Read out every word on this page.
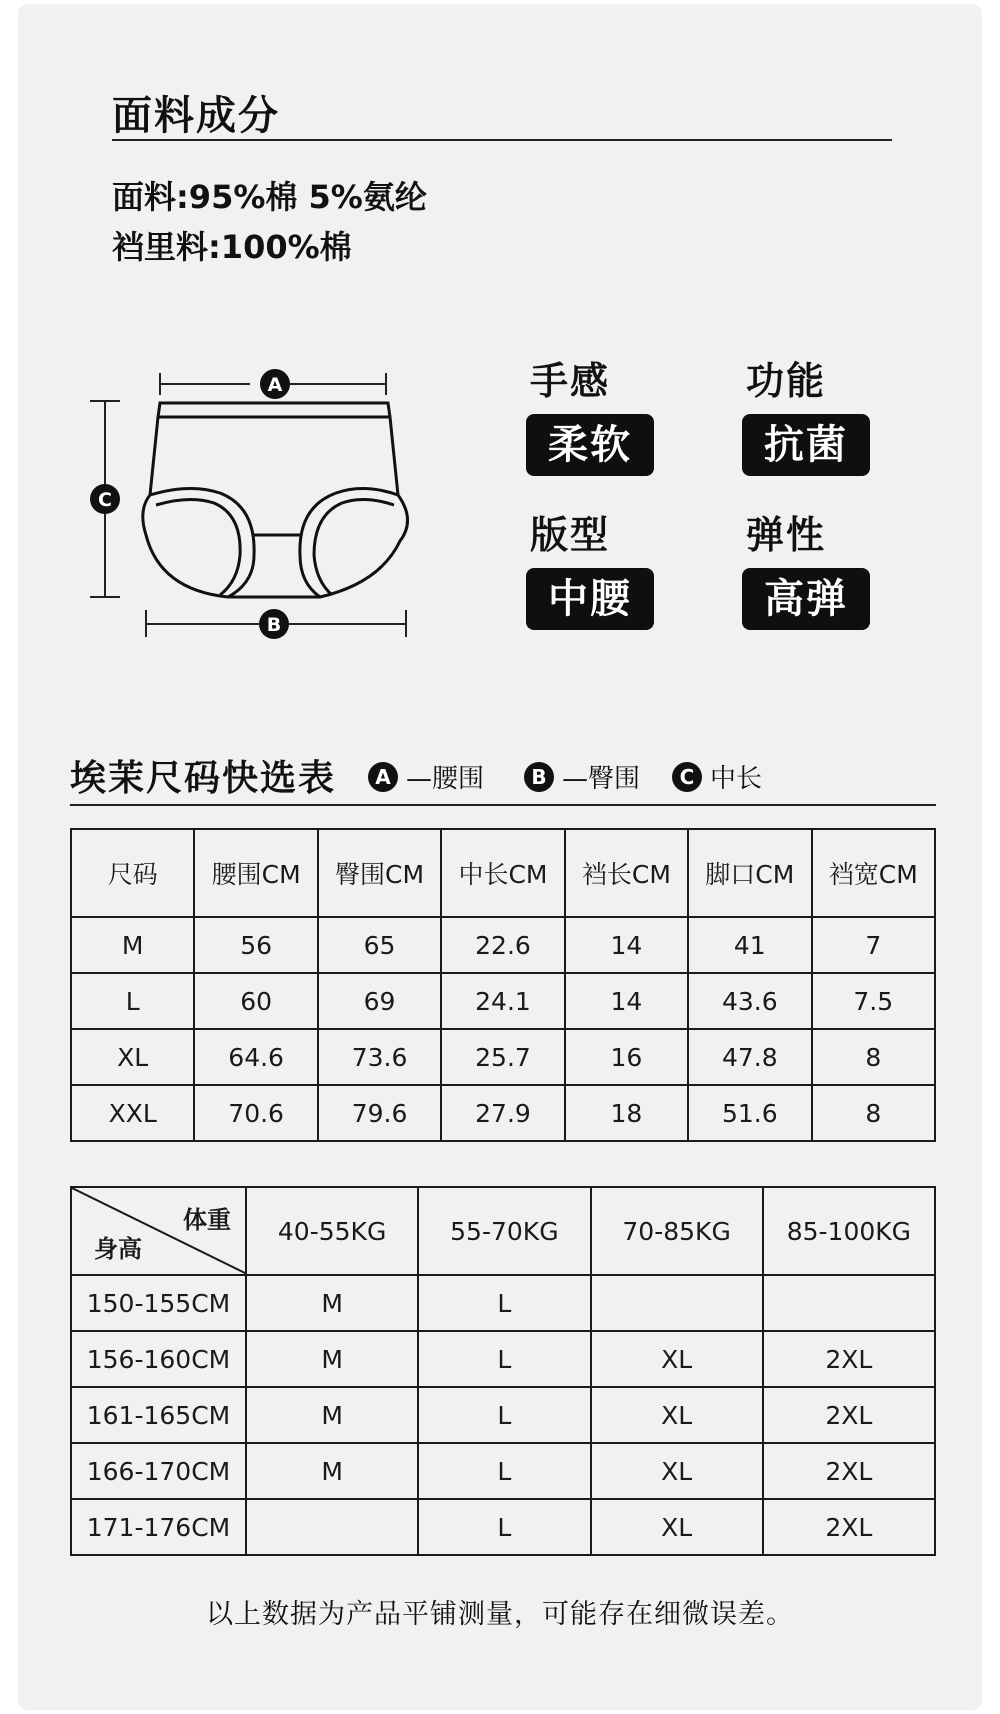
面料成分
面料:95%棉 5%氨纶
裆里料:100%棉
A
C
B
手感
柔软
功能
抗菌
版型
中腰
弹性
高弹
埃茉尺码快选表	A —腰围	B —臀围	C 中长
尺码	腰围CM	臀围CM	中长CM	裆长CM	脚口CM	裆宽CM
M	56	65	22.6	14	41	7
L	60	69	24.1	14	43.6	7.5
XL	64.6	73.6	25.7	16	47.8	8
XXL	70.6	79.6	27.9	18	51.6	8
体重
身高	40-55KG	55-70KG	70-85KG	85-100KG
150-155CM	M	L		
156-160CM	M	L	XL	2XL
161-165CM	M	L	XL	2XL
166-170CM	M	L	XL	2XL
171-176CM		L	XL	2XL
以上数据为产品平铺测量，可能存在细微误差。
